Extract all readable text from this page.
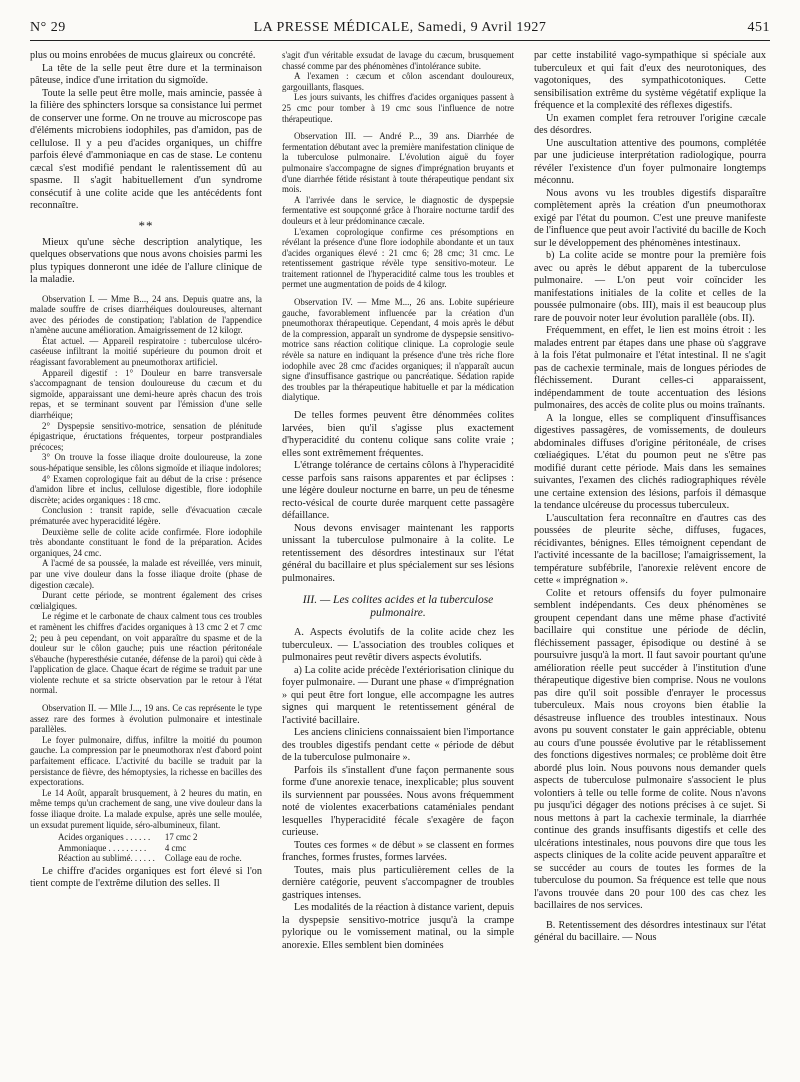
N° 29	LA PRESSE MÉDICALE, Samedi, 9 Avril 1927	451

plus ou moins enrobées de mucus glaireux ou concrété.

La tête de la selle peut être dure et la terminaison pâteuse, indice d'une irritation du sigmoïde.

Toute la selle peut être molle, mais amincie, passée à la filière des sphincters lorsque sa consistance lui permet de conserver une forme. On ne trouve au microscope pas d'éléments microbiens iodophiles, pas d'amidon, pas de cellulose. Il y a peu d'acides organiques, un chiffre parfois élevé d'ammoniaque en cas de stase. Le contenu cæcal s'est modifié pendant le ralentissement dû au spasme. Il s'agit habituellement d'un syndrome consécutif à une colite acide que les antécédents font reconnaître.

**

Mieux qu'une sèche description analytique, les quelques observations que nous avons choisies parmi les plus typiques donneront une idée de l'allure clinique de la maladie.

Observation I. — Mme B..., 24 ans. Depuis quatre ans, la malade souffre de crises diarrhéiques douloureuses, alternant avec des périodes de constipation; l'ablation de l'appendice n'amène aucune amélioration. Amaigrissement de 12 kilogr.

État actuel. — Appareil respiratoire : tuberculose ulcéro-caséeuse infiltrant la moitié supérieure du poumon droit et réagissant favorablement au pneumothorax artificiel.

Appareil digestif : 1° Douleur en barre transversale s'accompagnant de tension douloureuse du cæcum et du sigmoïde, apparaissant une demi-heure après chacun des trois repas, et se terminant souvent par l'émission d'une selle diarrhéique;

2° Dyspepsie sensitivo-motrice, sensation de plénitude épigastrique, éructations fréquentes, torpeur postprandiales précoces;

3° On trouve la fosse iliaque droite douloureuse, la zone sous-hépatique sensible, les côlons sigmoïde et iliaque indolores;

4° Examen coprologique fait au début de la crise : présence d'amidon libre et inclus, cellulose digestible, flore iodophile discrète; acides organiques : 18 cmc.

Conclusion : transit rapide, selle d'évacuation cæcale prématurée avec hyperacidité légère.

Deuxième selle de colite acide confirmée. Flore iodophile très abondante constituant le fond de la préparation. Acides organiques, 24 cmc.

A l'acmé de sa poussée, la malade est réveillée, vers minuit, par une vive douleur dans la fosse iliaque droite (phase de digestion cæcale).

Durant cette période, se montrent également des crises cœlialgiques.

Le régime et le carbonate de chaux calment tous ces troubles et ramènent les chiffres d'acides organiques à 13 cmc 2 et 7 cmc 2; peu à peu cependant, on voit apparaître du spasme et de la douleur sur le côlon gauche; puis une réaction péritonéale s'ébauche (hyperesthésie cutanée, défense de la paroi) qui cède à l'application de glace. Chaque écart de régime se traduit par une violente rechute et sa stricte observation par le retour à l'état normal.

Observation II. — Mlle J..., 19 ans. Ce cas représente le type assez rare des formes à évolution pulmonaire et intestinale parallèles.

Le foyer pulmonaire, diffus, infiltre la moitié du poumon gauche. La compression par le pneumothorax n'est d'abord point parfaitement efficace. L'activité du bacille se traduit par la persistance de fièvre, des hémoptysies, la richesse en bacilles des expectorations.

Le 14 Août, apparaît brusquement, à 2 heures du matin, en même temps qu'un crachement de sang, une vive douleur dans la fosse iliaque droite. La malade expulse, après une selle moulée, un exsudat purement liquide, séro-albumineux, filant.

Acides organiques . . . . . .	17 cmc 2
Ammoniaque . . . . . . . . .	4 cmc
Réaction au sublimé. . . . . .	Collage eau de roche.

Le chiffre d'acides organiques est fort élevé si l'on tient compte de l'extrême dilution des selles. Il

s'agit d'un véritable exsudat de lavage du cæcum, brusquement chassé comme par des phénomènes d'intolérance subite.

A l'examen : cæcum et côlon ascendant douloureux, gargouillants, flasques.

Les jours suivants, les chiffres d'acides organiques passent à 25 cmc pour tomber à 19 cmc sous l'influence de notre thérapeutique.

Observation III. — André P..., 39 ans. Diarrhée de fermentation débutant avec la première manifestation clinique de la tuberculose pulmonaire. L'évolution aiguë du foyer pulmonaire s'accompagne de signes d'imprégnation bruyants et d'une diarrhée fétide résistant à toute thérapeutique pendant six mois.

A l'arrivée dans le service, le diagnostic de dyspepsie fermentative est soupçonné grâce à l'horaire nocturne tardif des douleurs et à leur prédominance cæcale.

L'examen coprologique confirme ces présomptions en révélant la présence d'une flore iodophile abondante et un taux d'acides organiques élevé : 21 cmc 6; 28 cmc; 31 cmc. Le retentissement gastrique révèle type sensitivo-moteur. Le traitement rationnel de l'hyperacidité calme tous les troubles et permet une augmentation de poids de 4 kilogr.

Observation IV. — Mme M..., 26 ans. Lobite supérieure gauche, favorablement influencée par la création d'un pneumothorax thérapeutique. Cependant, 4 mois après le début de la compression, apparaît un syndrome de dyspepsie sensitivo-motrice sans réaction colitique clinique. La coprologie seule révèle sa nature en indiquant la présence d'une très riche flore iodophile avec 28 cmc d'acides organiques; il n'apparaît aucun signe d'insuffisance gastrique ou pancréatique. Sédation rapide des troubles par la thérapeutique habituelle et par la médication dialytique.

De telles formes peuvent être dénommées colites larvées, bien qu'il s'agisse plus exactement d'hyperacidité du contenu colique sans colite vraie ; elles sont extrêmement fréquentes.

L'étrange tolérance de certains côlons à l'hyperacidité cesse parfois sans raisons apparentes et par éclipses : une légère douleur nocturne en barre, un peu de ténesme recto-vésical de courte durée marquent cette passagère défaillance.

Nous devons envisager maintenant les rapports unissant la tuberculose pulmonaire à la colite. Le retentissement des désordres intestinaux sur l'état général du bacillaire et plus spécialement sur ses lésions pulmonaires.

III. — Les colites acides et la tuberculose pulmonaire.

A. Aspects évolutifs de la colite acide chez les tuberculeux. — L'association des troubles coliques et pulmonaires peut revêtir divers aspects évolutifs.

a) La colite acide précède l'extériorisation clinique du foyer pulmonaire. — Durant une phase « d'imprégnation » qui peut être fort longue, elle accompagne les autres signes qui marquent le retentissement général de l'activité bacillaire.

Les anciens cliniciens connaissaient bien l'importance des troubles digestifs pendant cette « période de début de la tuberculose pulmonaire ».

Parfois ils s'installent d'une façon permanente sous forme d'une anorexie tenace, inexplicable; plus souvent ils surviennent par poussées. Nous avons fréquemment noté de violentes exacerbations cataméniales pendant lesquelles l'hyperacidité fécale s'exagère de façon curieuse.

Toutes ces formes « de début » se classent en formes franches, formes frustes, formes larvées.

Toutes, mais plus particulièrement celles de la dernière catégorie, peuvent s'accompagner de troubles gastriques intenses.

Les modalités de la réaction à distance varient, depuis la dyspepsie sensitivo-motrice jusqu'à la crampe pylorique ou le vomissement matinal, ou la simple anorexie. Elles semblent bien dominées

par cette instabilité vago-sympathique si spéciale aux tuberculeux et qui fait d'eux des neurotoniques, des vagotoniques, des sympathicotoniques. Cette sensibilisation extrême du système végétatif explique la fréquence et la complexité des réflexes digestifs.

Un examen complet fera retrouver l'origine cæcale des désordres.

Une auscultation attentive des poumons, complétée par une judicieuse interprétation radiologique, pourra révéler l'existence d'un foyer pulmonaire longtemps méconnu.

Nous avons vu les troubles digestifs disparaître complètement après la création d'un pneumothorax exigé par l'état du poumon. C'est une preuve manifeste de l'influence que peut avoir l'activité du bacille de Koch sur le développement des phénomènes intestinaux.

b) La colite acide se montre pour la première fois avec ou après le début apparent de la tuberculose pulmonaire. — L'on peut voir coïncider les manifestations initiales de la colite et celles de la poussée pulmonaire (obs. III), mais il est beaucoup plus rare de pouvoir noter leur évolution parallèle (obs. II).

Fréquemment, en effet, le lien est moins étroit : les malades entrent par étapes dans une phase où s'aggrave à la fois l'état pulmonaire et l'état intestinal. Il ne s'agit pas de cachexie terminale, mais de longues périodes de fléchissement. Durant celles-ci apparaissent, indépendamment de toute accentuation des lésions pulmonaires, des accès de colite plus ou moins traînants.

A la longue, elles se compliquent d'insuffisances digestives passagères, de vomissements, de douleurs abdominales diffuses d'origine péritonéale, de crises cœliaégiques. L'état du poumon peut ne s'être pas modifié durant cette période. Mais dans les semaines suivantes, l'examen des clichés radiographiques révèle une certaine extension des lésions, parfois il démasque la tendance ulcéreuse du processus tuberculeux.

L'auscultation fera reconnaître en d'autres cas des poussées de pleurite sèche, diffuses, fugaces, récidivantes, bénignes. Elles témoignent cependant de l'activité incessante de la bacillose; l'amaigrissement, la température subfébrile, l'anorexie relèvent encore de cette « imprégnation ».

Colite et retours offensifs du foyer pulmonaire semblent indépendants. Ces deux phénomènes se groupent cependant dans une même phase d'activité bacillaire qui constitue une période de déclin, fléchissement passager, épisodique ou destiné à se poursuivre jusqu'à la mort. Il faut savoir pourtant qu'une amélioration réelle peut succéder à l'institution d'une thérapeutique digestive bien comprise. Nous ne voulons pas dire qu'il soit possible d'enrayer le processus tuberculeux. Mais nous croyons bien établie la désastreuse influence des troubles intestinaux. Nous avons pu souvent constater le gain appréciable, obtenu au cours d'une poussée évolutive par le rétablissement des fonctions digestives normales; ce problème doit être abordé plus loin. Nous pouvons nous demander quels aspects de tuberculose pulmonaire s'associent le plus volontiers à telle ou telle forme de colite. Nous n'avons pu jusqu'ici dégager des notions précises à ce sujet. Si nous mettons à part la cachexie terminale, la diarrhée continue des grands insuffisants digestifs et celle des ulcérations intestinales, nous pouvons dire que tous les aspects cliniques de la colite acide peuvent apparaître et se succéder au cours de toutes les formes de la tuberculose du poumon. Sa fréquence est telle que nous l'avons trouvée dans 20 pour 100 des cas chez les bacillaires de nos services.

B. Retentissement des désordres intestinaux sur l'état général du bacillaire. — Nous
